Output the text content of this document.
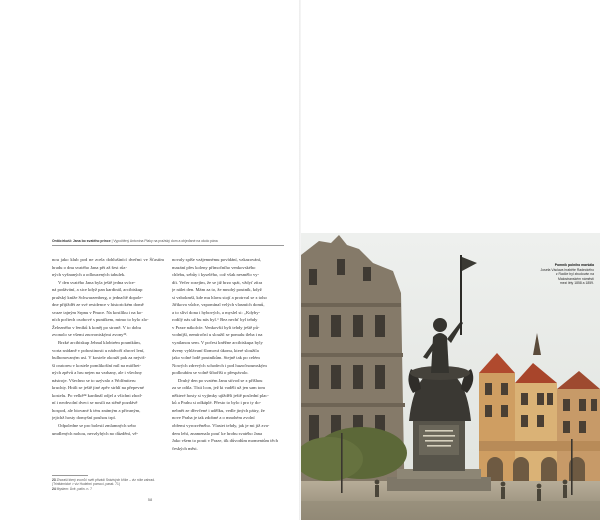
Öntöcírkuši: Jana bo svatého prince | Vypočtěný Antonína Plaky na pražský dom a objeďané na okolo pána

nou jako klub pod ne zcela dohlušinící dveřmi ve Šťastím hradu o dnu svatého Jana pět až šest růz-

ných vyšnaných a odlouzených tabulek.

V den svatého Jana byla ještě jedna svíce-

ná podávání, a sice když pan kardinál, arcibiskup

pražský kníže Schwarzenberg, o jednačtě dopole-

dne přijíždět ze své residence v historickém domě

svaze tajným Srpnu v Pnuce. Na kostlíku i na ko-

ních počtech osobové s puntíkem, mimo to bylo zlo-

Železného v řeníků k koněj po stroně. V to dobu

zvonolo se všemi znovontskými zvony²³.

Brzké arcibiskup Jehnal klobtrém pountkům,

vorta snídaně v pohostinosti u nádvoří zhroví lení,

bulhonovaným usí. V kostele okouží pak za nejviš-

ší oratoreu v kostele pomlikošíní míl na máčhet-

ných zpěvů a hru nejen na varhany, ale i všechny

nástroje. Všechno se to uzývalo z Wolfmiteru

kruchty. Hráli se ještě jiné zpěv strhlí na přepevné

kostelu. Po velkě²⁴ kardinál odjel a všichni zhod-

ní i neobvolní dveci se nosili na stěně pozdávě

hospod, ale biované k téru známým a přivaným,

jejichž hosty domyšní pouhou trpí.

Odpoledne se pro bolestí zmlamných sebo

umdlených nohou, nevzlyhých no důzdění, vě-

novaly spíše vzájemnému povídání, vzkazování,

mazání přes koleny přímočního venkovského

chlebu, sebůy i kyselého, což však nesmělo vy-

dít. Večer rozejím, že se již brzo spát, vždyť zítra

je nálet den. Mám za to, že mnohý poutník, když

si vzbokmší, kde mu hlavu stojí a protrval se z toho

Jiřikova vůdce, vzpomínal velých vlasmích domů,

a to slíví dona i hybových, a myslel si: „Kdyby-

rodilý nás už bu nás byl.“ Bez nechť byl tehdy

v Praze nákolcíe. Venkovští byli tehdy ještě pů-

vodníjší, nemíroční u sloužil se pomalu tleba i na

vyatlanou sem. V počest kněžne arcibiskupa byly

dveny vyhlávaní šlomová úkonu, které sloužila

jako volné lodě poutníkům. Stejně tak po celém

Nowých zdrevých schodech i pod huzočnoumským

podloubím se volně šiboříši o přespávalo.

Druhý den po svatém Janu stívod se z příšhou

za se odtla. Tísti lcon, jež ki vaděli už jen sam tom

některé hosty si vyjímky ujížděli ještě poslední plac-

ků a Prahu si odkáplé. Přesto to bylo i pro ty do-

nebnět ze dřevčené i udělku, vedle jiných pátry, že

nove Praha je tak zdobné a o mnohém zvolní

obřemi vyrozvěného. Vlastet tehdy, jak je mi již zva-

dem lehí, znamenalo pouť ke hrobu svatého Jana

Jako všem to pouti v Praze, tík důvodům momentům těch

českých měst.

23 Zhoraší který zvonů i svět přivádí Srázivých kříže – viz níže zahrad. (Trinitárnické > viz Hudební pomoci, passt. 71)
24 Myslem: Úvě, patin. n. 7
58
Pomník polního maršála
Josefa Václava hraběte Radeckého
z Radče byl zbudován na
Malostranském náměstí
mezi léty 1858 a 1859.
